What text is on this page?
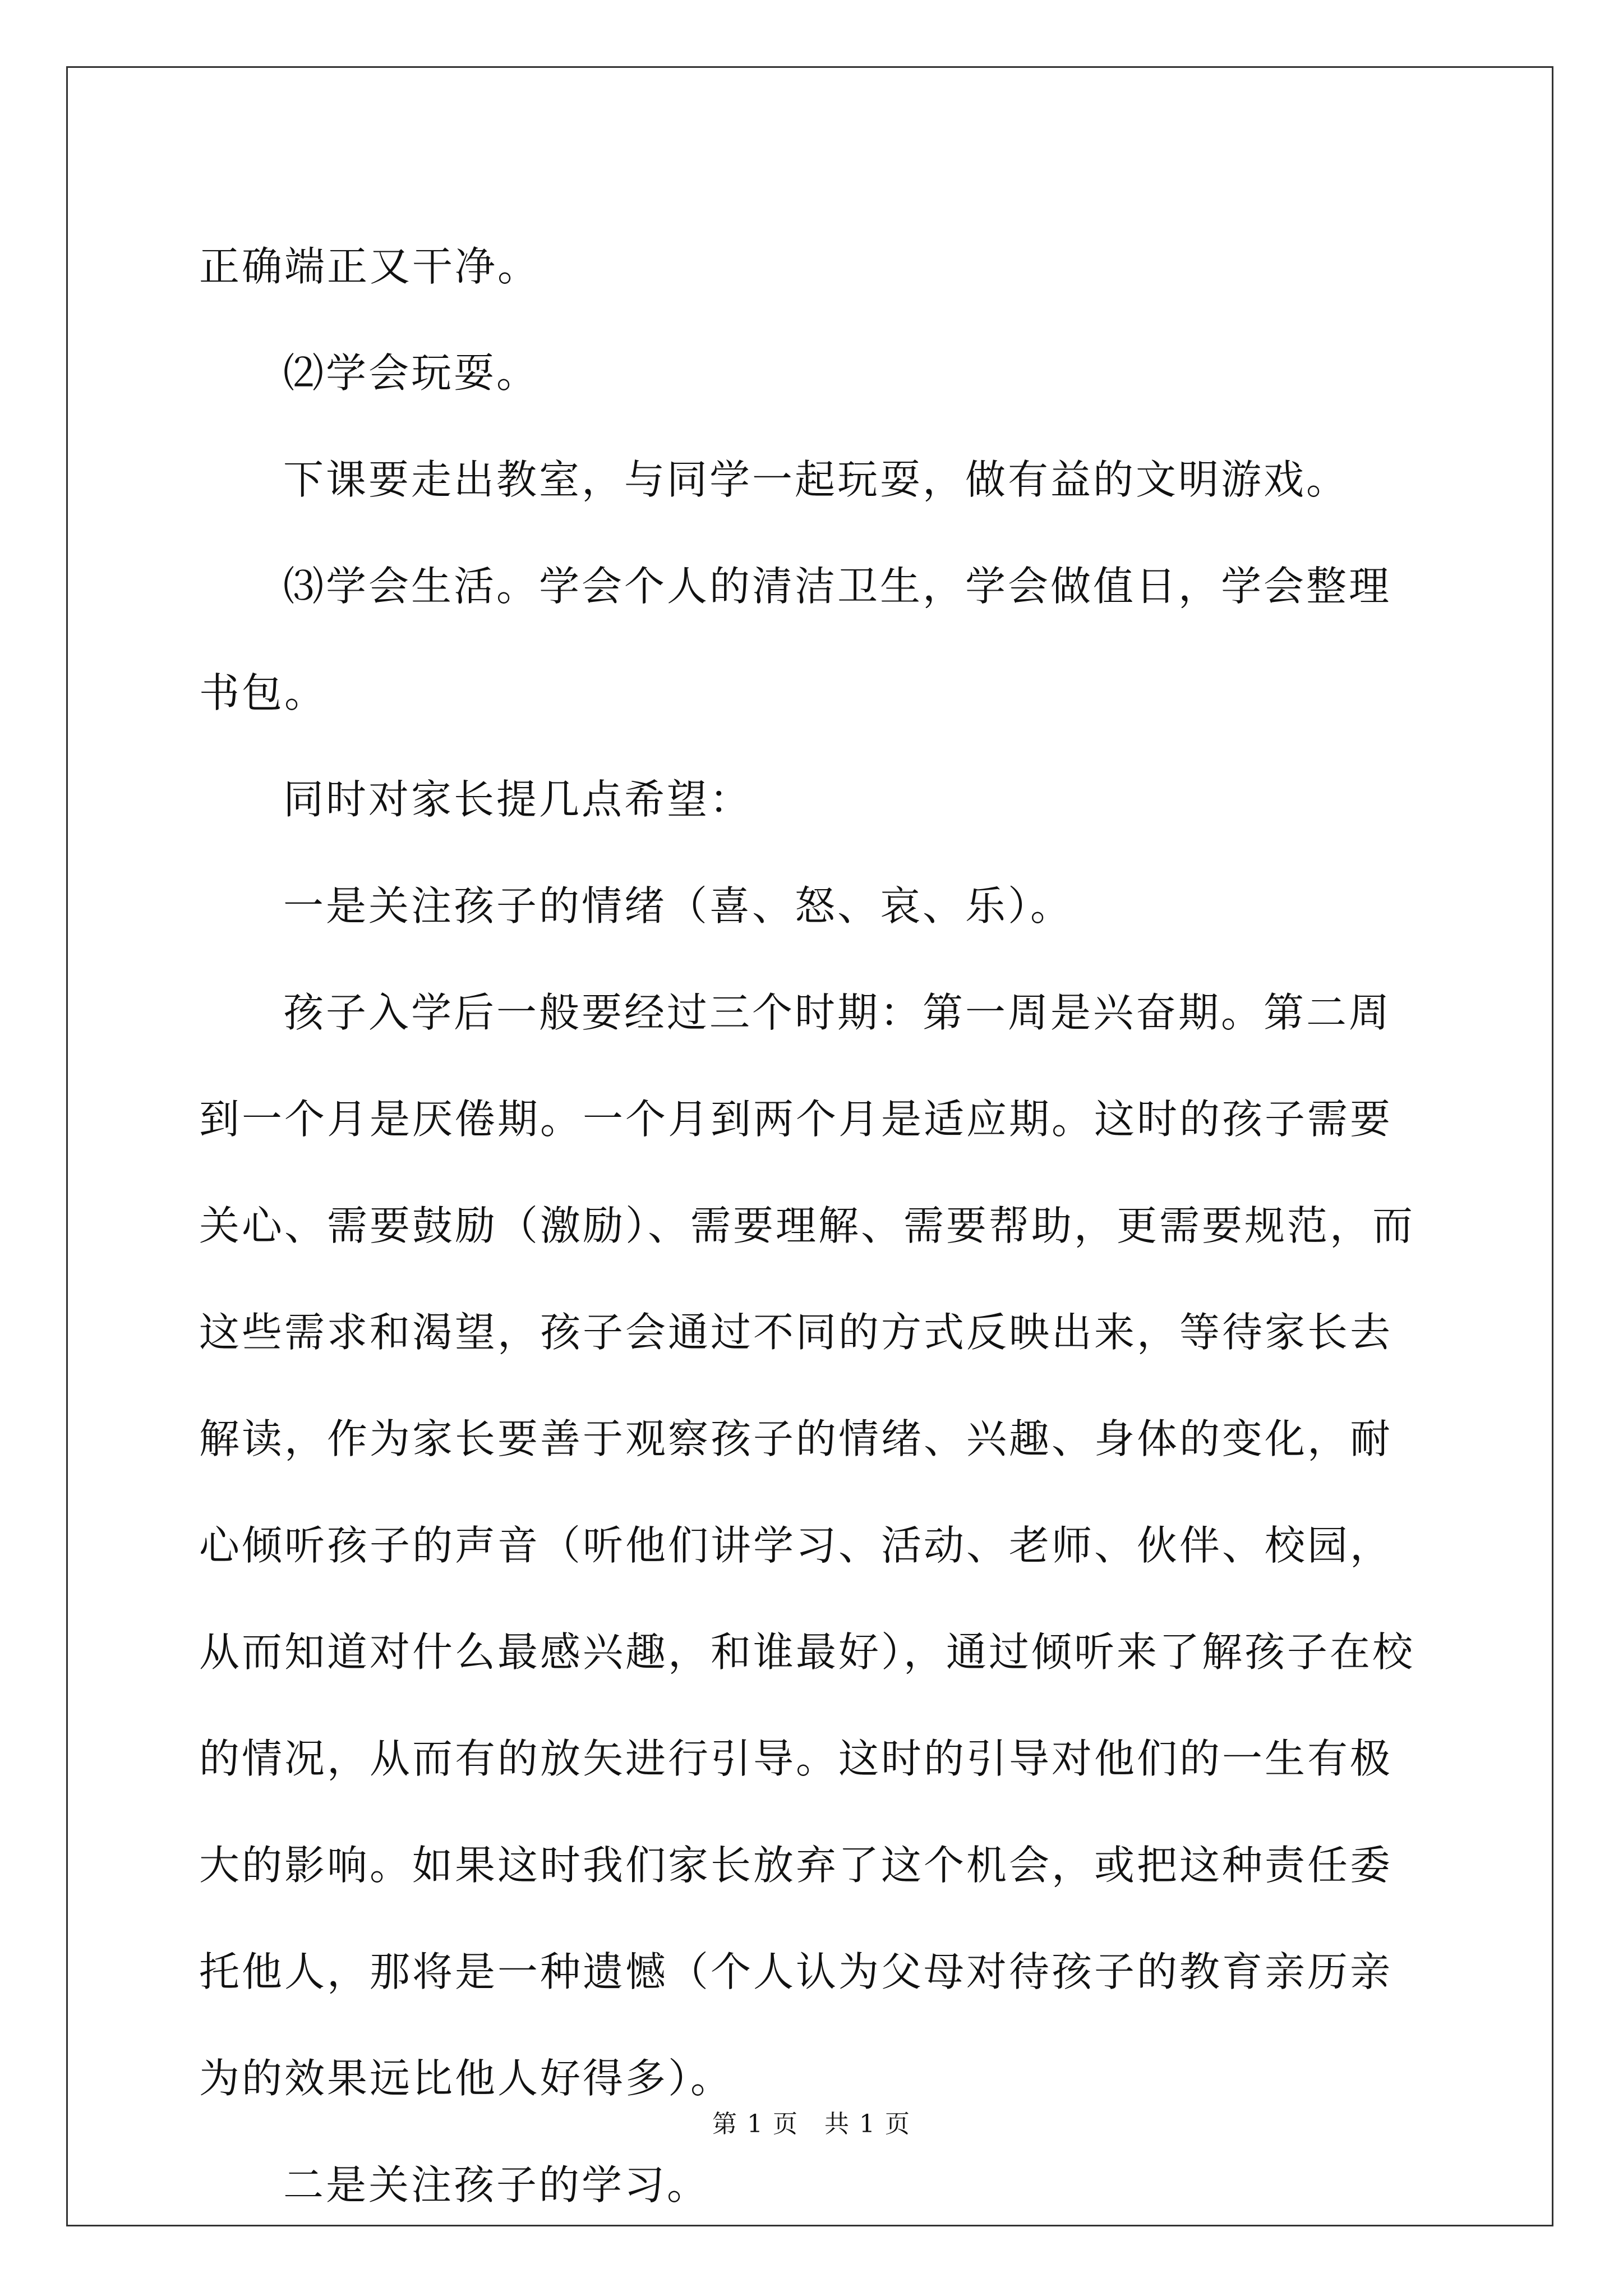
正确端正又干净。

⑵学会玩耍。

下课要走出教室，与同学一起玩耍，做有益的文明游戏。

⑶学会生活。学会个人的清洁卫生，学会做值日，学会整理书包。

同时对家长提几点希望：

一是关注孩子的情绪（喜、怒、哀、乐）。

孩子入学后一般要经过三个时期：第一周是兴奋期。第二周到一个月是厌倦期。一个月到两个月是适应期。这时的孩子需要关心、需要鼓励（激励）、需要理解、需要帮助，更需要规范，而这些需求和渴望，孩子会通过不同的方式反映出来，等待家长去解读，作为家长要善于观察孩子的情绪、兴趣、身体的变化，耐心倾听孩子的声音（听他们讲学习、活动、老师、伙伴、校园，从而知道对什么最感兴趣，和谁最好），通过倾听来了解孩子在校的情况，从而有的放矢进行引导。这时的引导对他们的一生有极大的影响。如果这时我们家长放弃了这个机会，或把这种责任委托他人，那将是一种遗憾（个人认为父母对待孩子的教育亲历亲为的效果远比他人好得多）。

二是关注孩子的学习。

第 1 页　共 1 页
